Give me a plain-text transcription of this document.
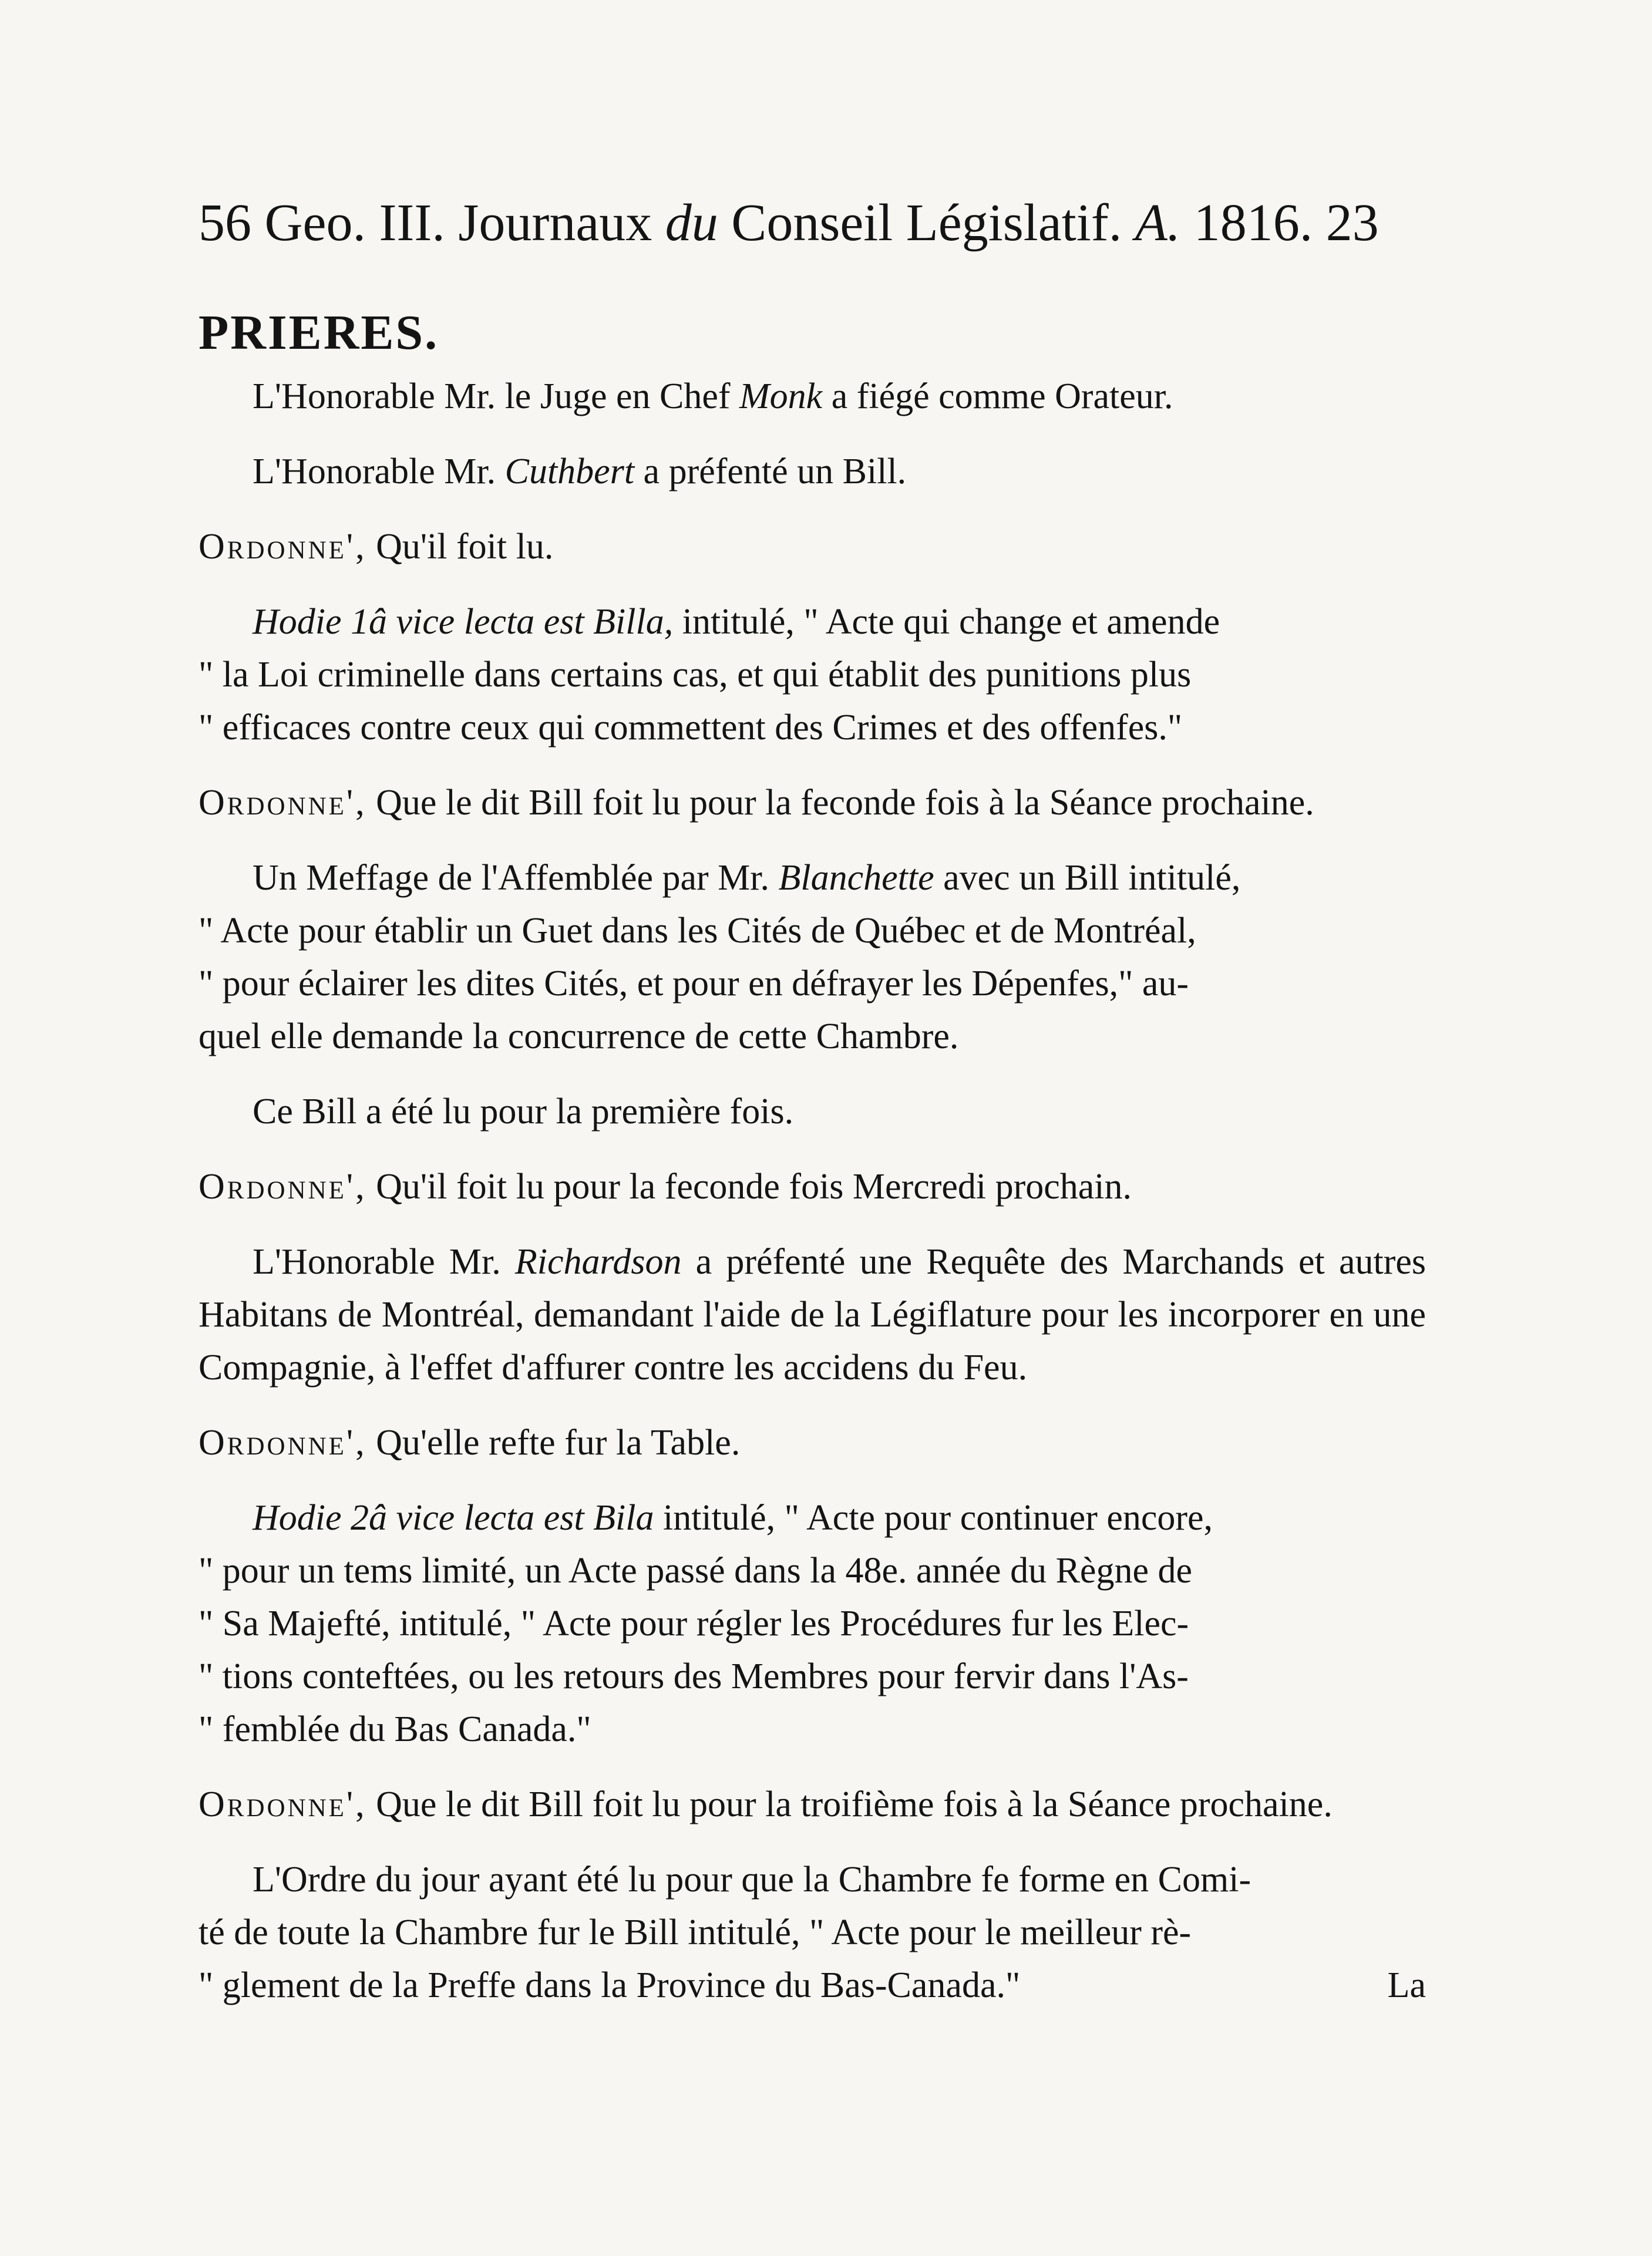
56 Geo. III. Journaux du Conseil Législatif. A. 1816. 23
PRIERES.

L'Honorable Mr. le Juge en Chef Monk a fiégé comme Orateur.

L'Honorable Mr. Cuthbert a préfenté un Bill.

Ordonne', Qu'il foit lu.

Hodie 1â vice lecta est Billa, intitulé, " Acte qui change et amende
" la Loi criminelle dans certains cas, et qui établit des punitions plus
" efficaces contre ceux qui commettent des Crimes et des offenfes."

Ordonne', Que le dit Bill foit lu pour la feconde fois à la Séance prochaine.

Un Meffage de l'Affemblée par Mr. Blanchette avec un Bill intitulé,
" Acte pour établir un Guet dans les Cités de Québec et de Montréal,
" pour éclairer les dites Cités, et pour en défrayer les Dépenfes," au-
quel elle demande la concurrence de cette Chambre.

Ce Bill a été lu pour la première fois.

Ordonne', Qu'il foit lu pour la feconde fois Mercredi prochain.

L'Honorable Mr. Richardson a préfenté une Requête des Marchands et autres Habitans de Montréal, demandant l'aide de la Légiflature pour les incorporer en une Compagnie, à l'effet d'affurer contre les accidens du Feu.

Ordonne', Qu'elle refte fur la Table.

Hodie 2â vice lecta est Bila intitulé, " Acte pour continuer encore,
" pour un tems limité, un Acte passé dans la 48e. année du Règne de
" Sa Majefté, intitulé, " Acte pour régler les Procédures fur les Elec-
" tions conteftées, ou les retours des Membres pour fervir dans l'As-
" femblée du Bas Canada."

Ordonne', Que le dit Bill foit lu pour la troifième fois à la Séance prochaine.

L'Ordre du jour ayant été lu pour que la Chambre fe forme en Comi-
té de toute la Chambre fur le Bill intitulé, " Acte pour le meilleur rè-
" glement de la Preffe dans la Province du Bas-Canada."	La
